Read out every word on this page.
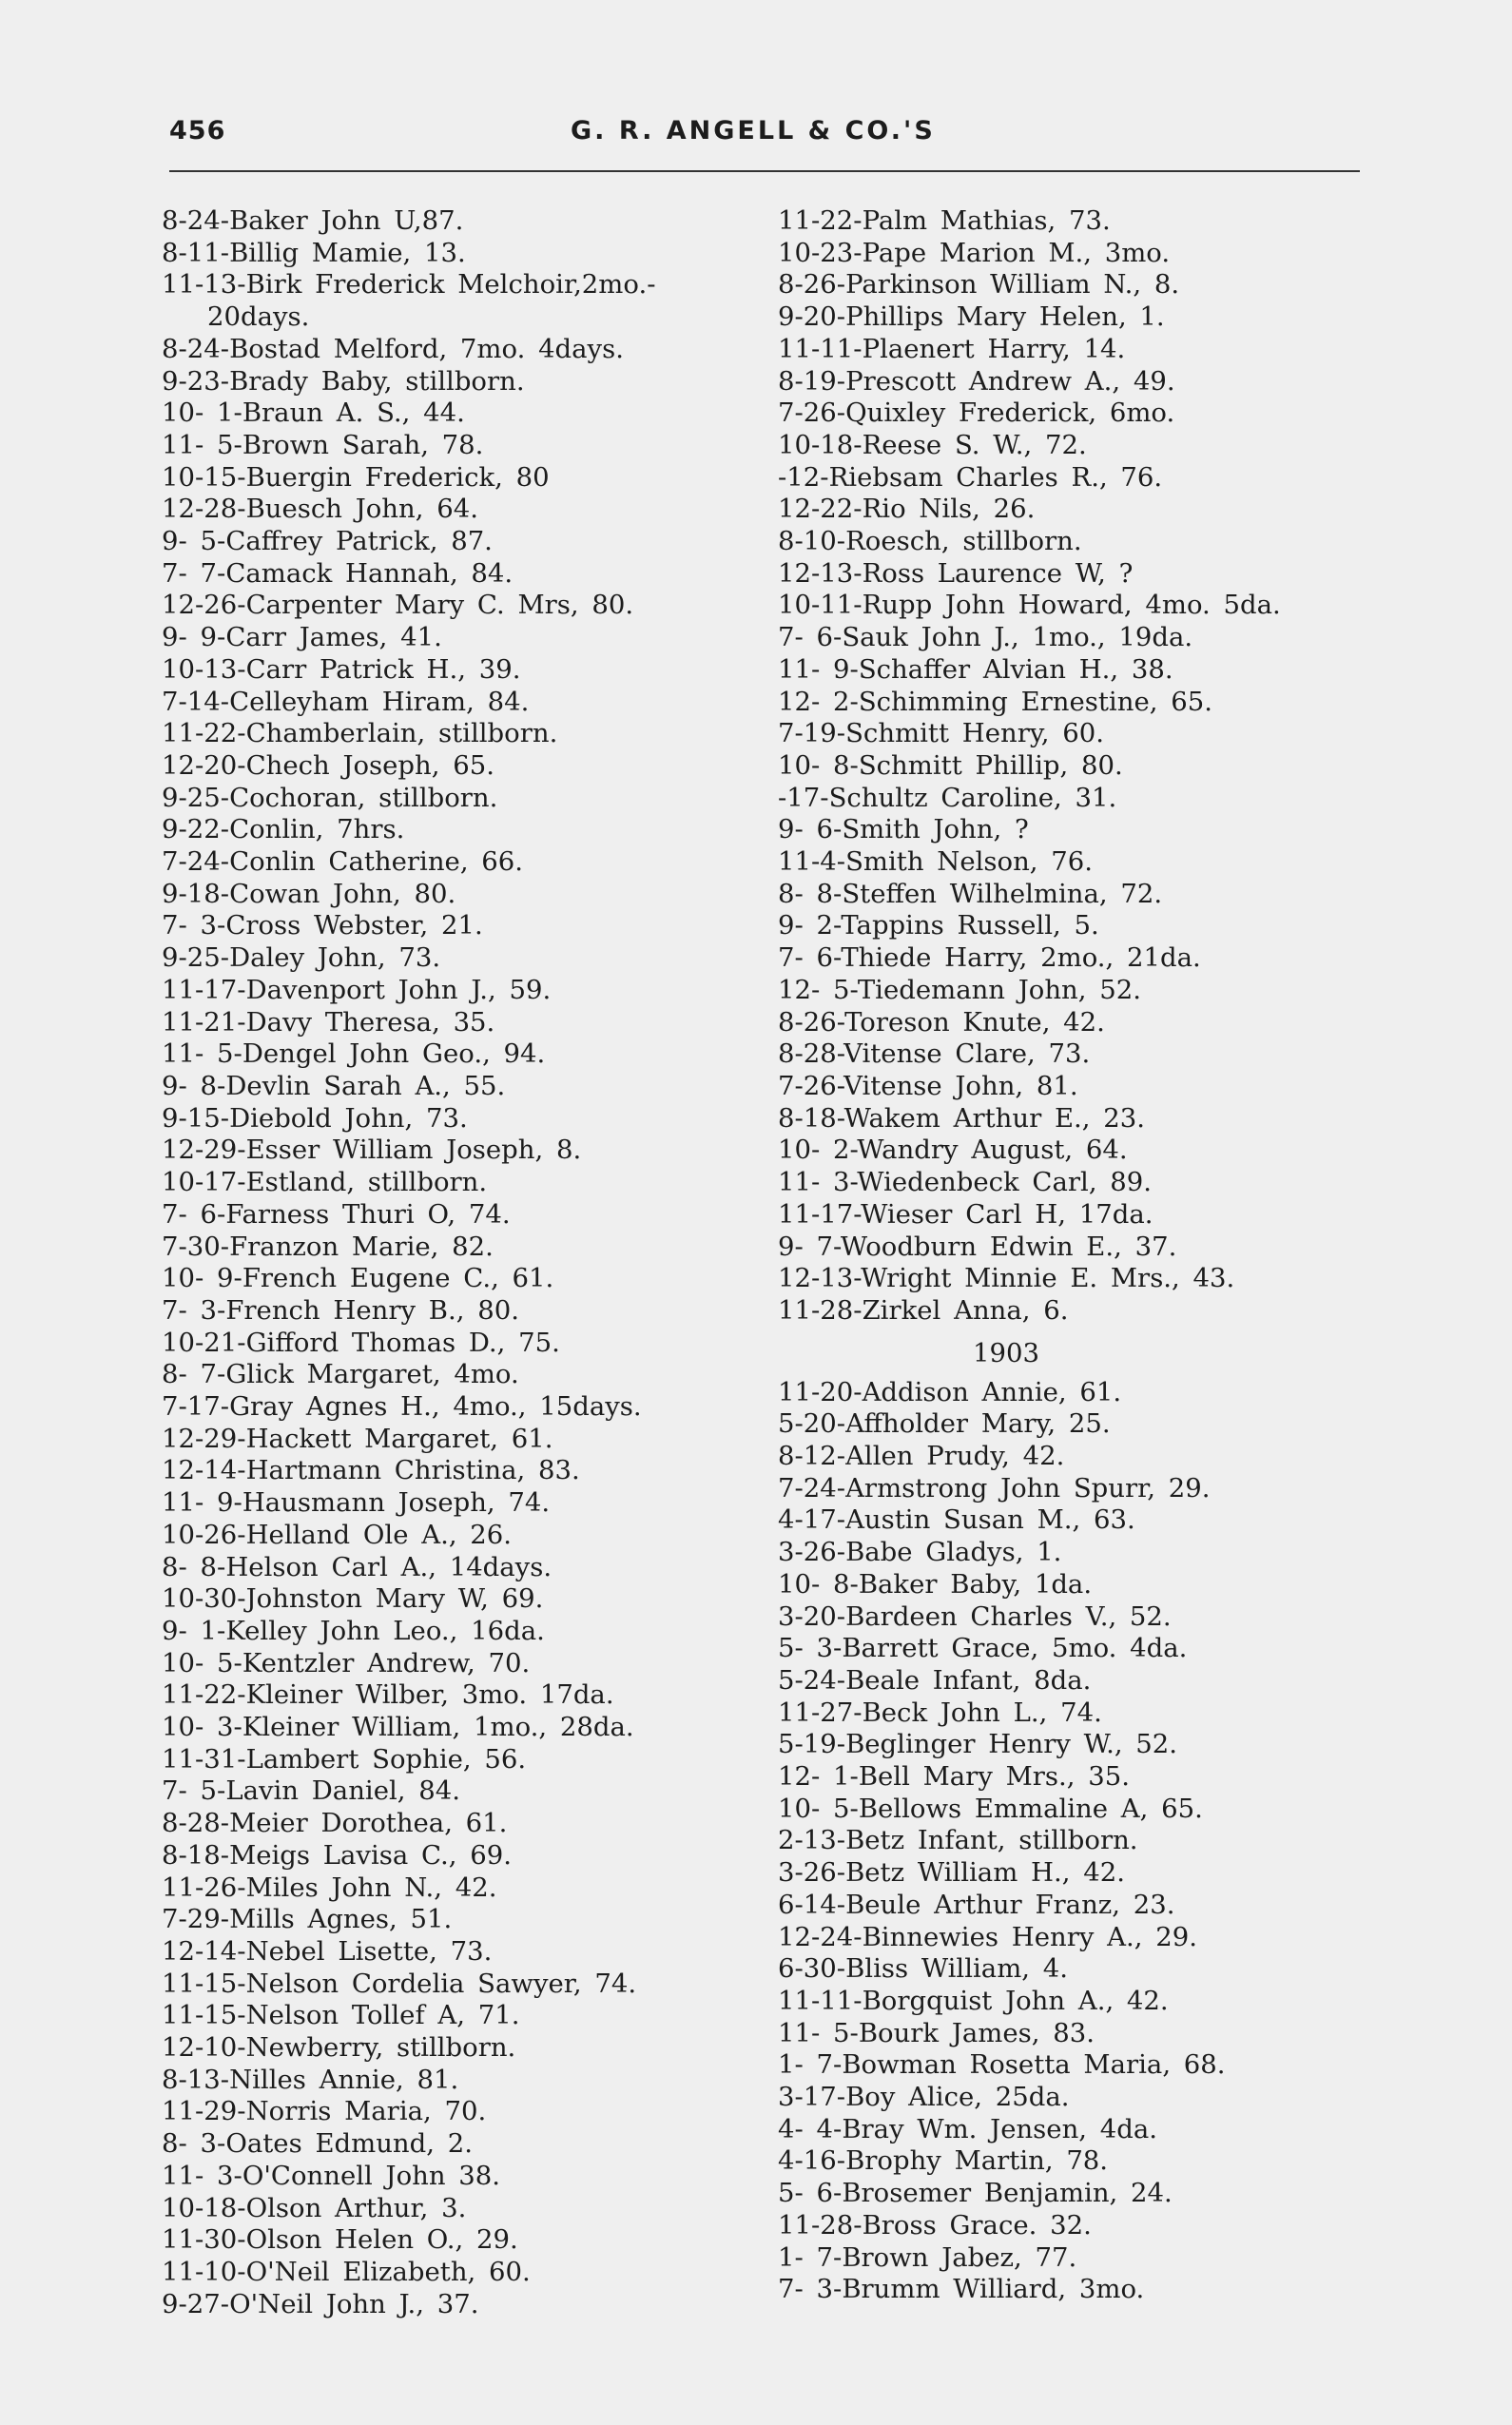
456	G. R. ANGELL & CO.'S
8-24-Baker John U,87.
8-11-Billig Mamie, 13.
11-13-Birk Frederick Melchoir,2mo.-
20days.
8-24-Bostad Melford, 7mo. 4days.
9-23-Brady Baby, stillborn.
10- 1-Braun A. S., 44.
11- 5-Brown Sarah, 78.
10-15-Buergin Frederick, 80
12-28-Buesch John, 64.
9- 5-Caffrey Patrick, 87.
7- 7-Camack Hannah, 84.
12-26-Carpenter Mary C. Mrs, 80.
9- 9-Carr James, 41.
10-13-Carr Patrick H., 39.
7-14-Celleyham Hiram, 84.
11-22-Chamberlain, stillborn.
12-20-Chech Joseph, 65.
9-25-Cochoran, stillborn.
9-22-Conlin, 7hrs.
7-24-Conlin Catherine, 66.
9-18-Cowan John, 80.
7- 3-Cross Webster, 21.
9-25-Daley John, 73.
11-17-Davenport John J., 59.
11-21-Davy Theresa, 35.
11- 5-Dengel John Geo., 94.
9- 8-Devlin Sarah A., 55.
9-15-Diebold John, 73.
12-29-Esser William Joseph, 8.
10-17-Estland, stillborn.
7- 6-Farness Thuri O, 74.
7-30-Franzon Marie, 82.
10- 9-French Eugene C., 61.
7- 3-French Henry B., 80.
10-21-Gifford Thomas D., 75.
8- 7-Glick Margaret, 4mo.
7-17-Gray Agnes H., 4mo., 15days.
12-29-Hackett Margaret, 61.
12-14-Hartmann Christina, 83.
11- 9-Hausmann Joseph, 74.
10-26-Helland Ole A., 26.
8- 8-Helson Carl A., 14days.
10-30-Johnston Mary W, 69.
9- 1-Kelley John Leo., 16da.
10- 5-Kentzler Andrew, 70.
11-22-Kleiner Wilber, 3mo. 17da.
10- 3-Kleiner William, 1mo., 28da.
11-31-Lambert Sophie, 56.
7- 5-Lavin Daniel, 84.
8-28-Meier Dorothea, 61.
8-18-Meigs Lavisa C., 69.
11-26-Miles John N., 42.
7-29-Mills Agnes, 51.
12-14-Nebel Lisette, 73.
11-15-Nelson Cordelia Sawyer, 74.
11-15-Nelson Tollef A, 71.
12-10-Newberry, stillborn.
8-13-Nilles Annie, 81.
11-29-Norris Maria, 70.
8- 3-Oates Edmund, 2.
11- 3-O'Connell John 38.
10-18-Olson Arthur, 3.
11-30-Olson Helen O., 29.
11-10-O'Neil Elizabeth, 60.
9-27-O'Neil John J., 37.
11-22-Palm Mathias, 73.
10-23-Pape Marion M., 3mo.
8-26-Parkinson William N., 8.
9-20-Phillips Mary Helen, 1.
11-11-Plaenert Harry, 14.
8-19-Prescott Andrew A., 49.
7-26-Quixley Frederick, 6mo.
10-18-Reese S. W., 72.
-12-Riebsam Charles R., 76.
12-22-Rio Nils, 26.
8-10-Roesch, stillborn.
12-13-Ross Laurence W, ?
10-11-Rupp John Howard, 4mo. 5da.
7- 6-Sauk John J., 1mo., 19da.
11- 9-Schaffer Alvian H., 38.
12- 2-Schimming Ernestine, 65.
7-19-Schmitt Henry, 60.
10- 8-Schmitt Phillip, 80.
-17-Schultz Caroline, 31.
9- 6-Smith John, ?
11-4-Smith Nelson, 76.
8- 8-Steffen Wilhelmina, 72.
9- 2-Tappins Russell, 5.
7- 6-Thiede Harry, 2mo., 21da.
12- 5-Tiedemann John, 52.
8-26-Toreson Knute, 42.
8-28-Vitense Clare, 73.
7-26-Vitense John, 81.
8-18-Wakem Arthur E., 23.
10- 2-Wandry August, 64.
11- 3-Wiedenbeck Carl, 89.
11-17-Wieser Carl H, 17da.
9- 7-Woodburn Edwin E., 37.
12-13-Wright Minnie E. Mrs., 43.
11-28-Zirkel Anna, 6.
1903
11-20-Addison Annie, 61.
5-20-Affholder Mary, 25.
8-12-Allen Prudy, 42.
7-24-Armstrong John Spurr, 29.
4-17-Austin Susan M., 63.
3-26-Babe Gladys, 1.
10- 8-Baker Baby, 1da.
3-20-Bardeen Charles V., 52.
5- 3-Barrett Grace, 5mo. 4da.
5-24-Beale Infant, 8da.
11-27-Beck John L., 74.
5-19-Beglinger Henry W., 52.
12- 1-Bell Mary Mrs., 35.
10- 5-Bellows Emmaline A, 65.
2-13-Betz Infant, stillborn.
3-26-Betz William H., 42.
6-14-Beule Arthur Franz, 23.
12-24-Binnewies Henry A., 29.
6-30-Bliss William, 4.
11-11-Borgquist John A., 42.
11- 5-Bourk James, 83.
1- 7-Bowman Rosetta Maria, 68.
3-17-Boy Alice, 25da.
4- 4-Bray Wm. Jensen, 4da.
4-16-Brophy Martin, 78.
5- 6-Brosemer Benjamin, 24.
11-28-Bross Grace. 32.
1- 7-Brown Jabez, 77.
7- 3-Brumm Williard, 3mo.
